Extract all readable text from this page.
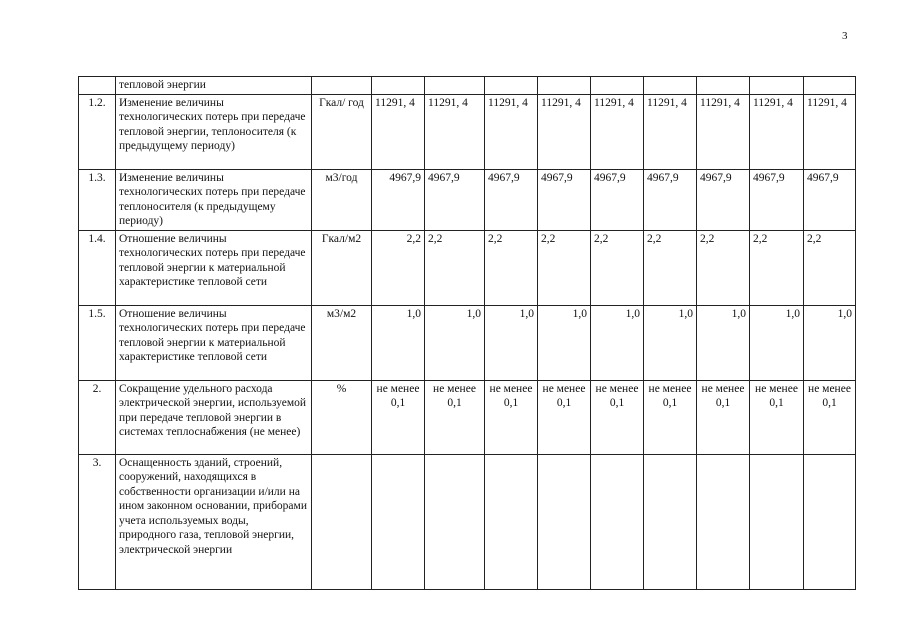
3
	тепловой энергии										
1.2.	Изменение величины технологических потерь при передаче тепловой энергии, теплоносителя (к предыдущему периоду)	Гкал/ год	11291, 4	11291, 4	11291, 4	11291, 4	11291, 4	11291, 4	11291, 4	11291, 4	11291, 4
1.3.	Изменение величины технологических потерь при передаче теплоносителя (к предыдущему периоду)	м3/год	4967,9	4967,9	4967,9	4967,9	4967,9	4967,9	4967,9	4967,9	4967,9
1.4.	Отношение величины технологических потерь при передаче тепловой энергии к материальной характеристике тепловой сети	Гкал/м2	2,2	2,2	2,2	2,2	2,2	2,2	2,2	2,2	2,2
1.5.	Отношение величины технологических потерь при передаче тепловой энергии к материальной характеристике тепловой сети	м3/м2	1,0	1,0	1,0	1,0	1,0	1,0	1,0	1,0	1,0
2.	Сокращение удельного расхода электрической энергии, используемой при передаче тепловой энергии в системах теплоснабжения (не менее)	%	не менее 0,1	не менее 0,1	не менее 0,1	не менее 0,1	не менее 0,1	не менее 0,1	не менее 0,1	не менее 0,1	не менее 0,1
3.	Оснащенность зданий, строений, сооружений, находящихся в собственности организации и/или на ином законном основании, приборами учета используемых воды, природного газа, тепловой энергии, электрической энергии										
